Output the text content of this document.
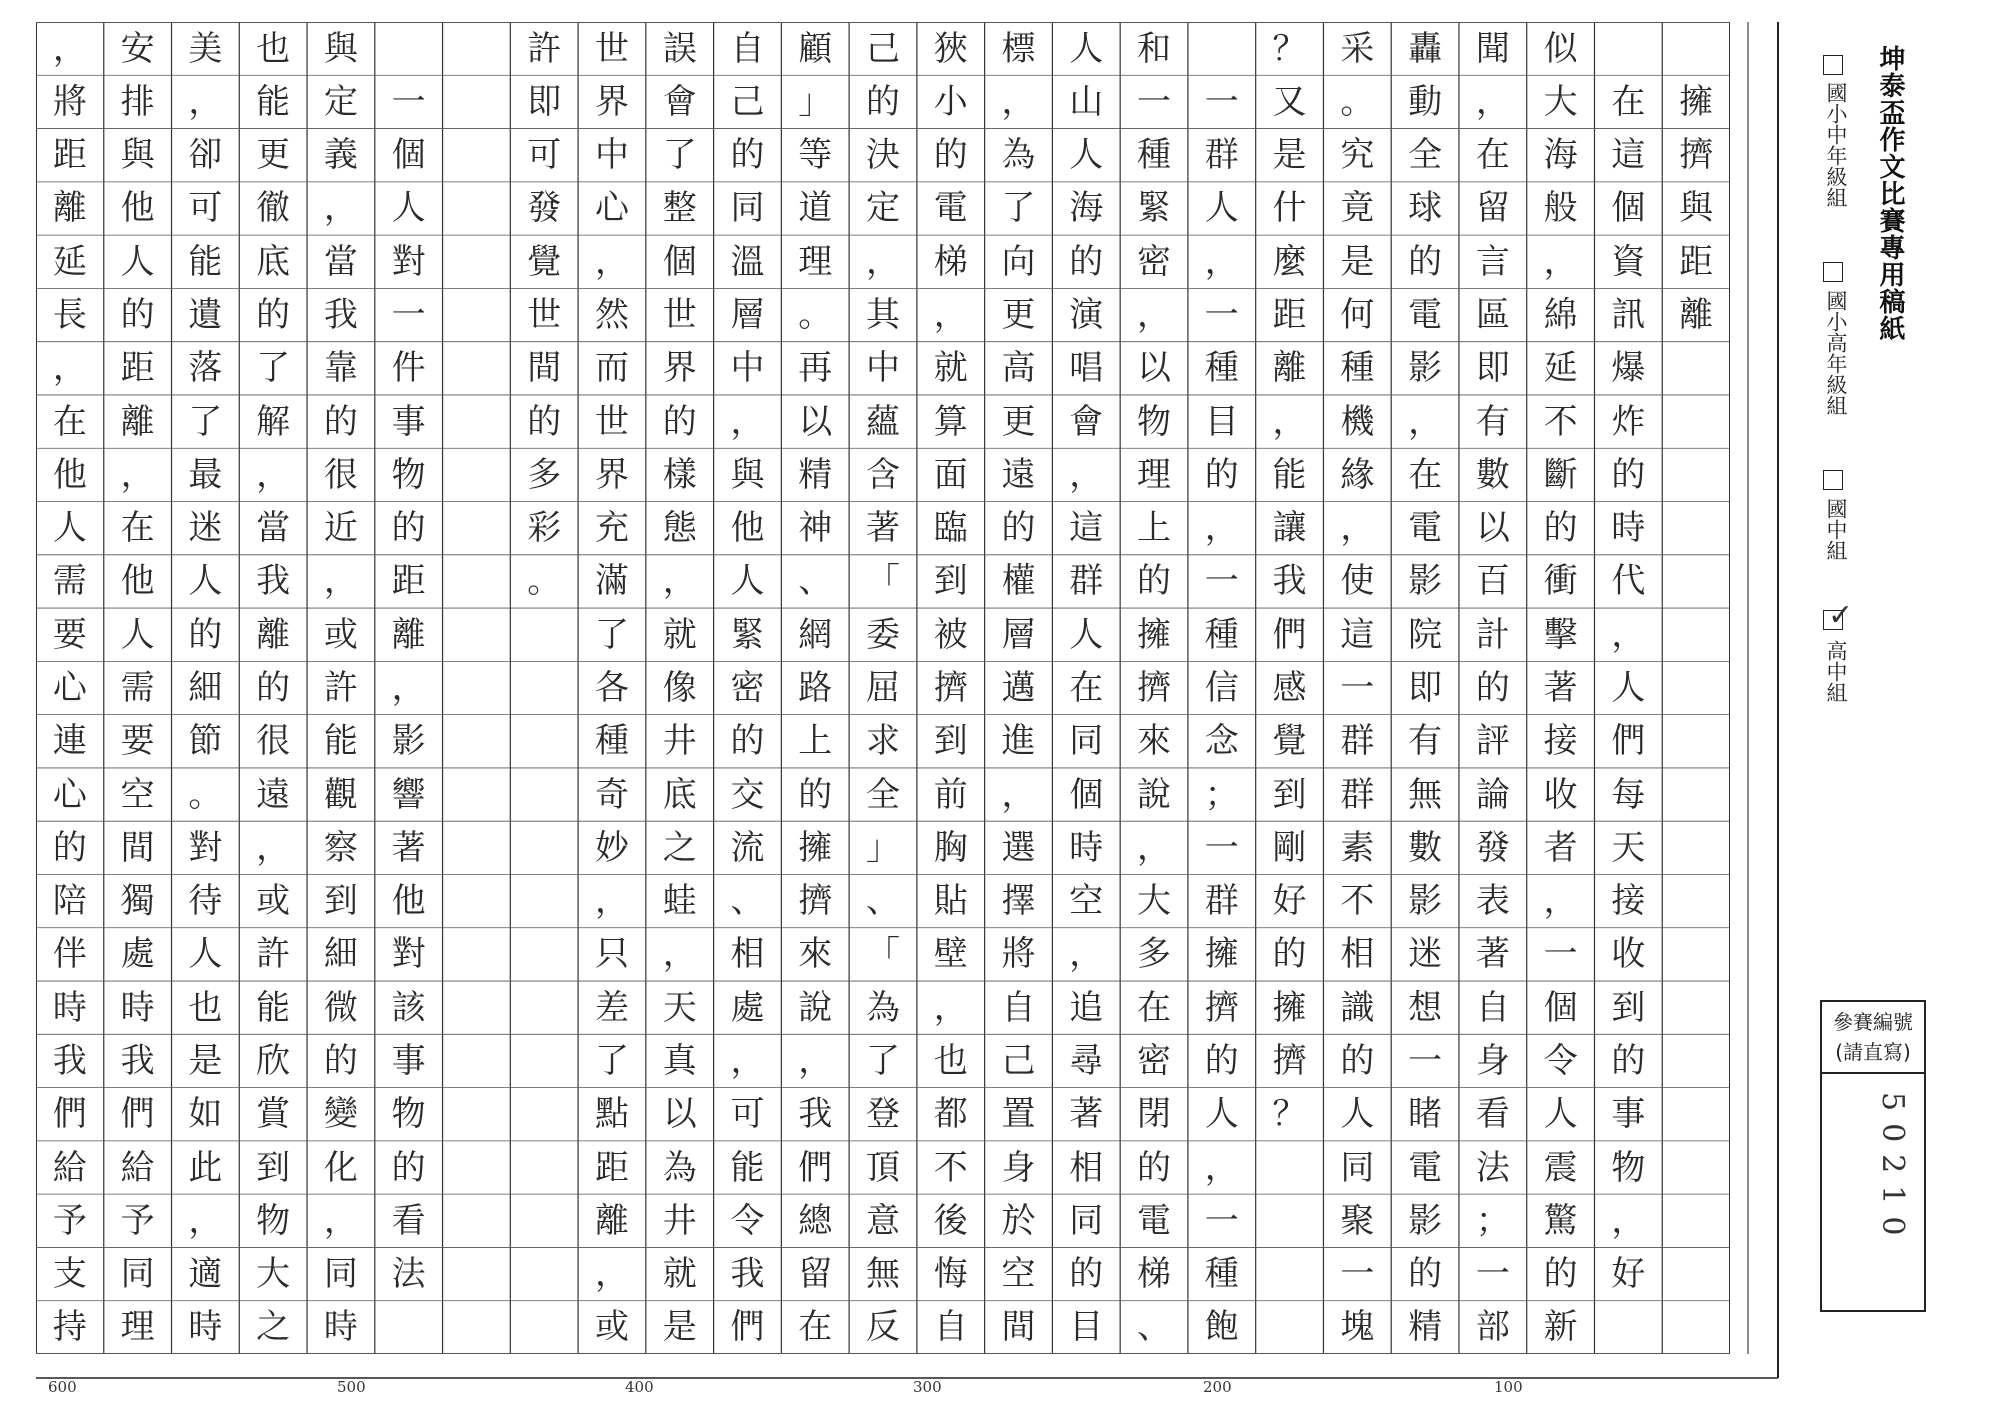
擁
擠
與
距
離

在
這
個
資
訊
爆
炸
的
時
代
，
人
們
每
天
接
收
到
的
事
物
，
好
似
大
海
般
，
綿
延
不
斷
的
衝
擊
著
接
收
者
，
一
個
令
人
震
驚
的
新
聞
，
在
留
言
區
即
有
數
以
百
計
的
評
論
發
表
著
自
身
看
法
；
一
部
轟
動
全
球
的
電
影
，
在
電
影
院
即
有
無
數
影
迷
想
一
睹
電
影
的
精
采
。
究
竟
是
何
種
機
緣
，
使
這
一
群
群
素
不
相
識
的
人
同
聚
一
塊
？
又
是
什
麼
距
離
，
能
讓
我
們
感
覺
到
剛
好
的
擁
擠
？

一
群
人
，
一
種
目
的
，
一
種
信
念
；
一
群
擁
擠
的
人
，
一
種
飽
和
一
種
緊
密
，
以
物
理
上
的
擁
擠
來
說
，
大
多
在
密
閉
的
電
梯
、
人
山
人
海
的
演
唱
會
，
這
群
人
在
同
個
時
空
，
追
尋
著
相
同
的
目
標
，
為
了
向
更
高
更
遠
的
權
層
邁
進
，
選
擇
將
自
己
置
身
於
空
間
狹
小
的
電
梯
，
就
算
面
臨
到
被
擠
到
前
胸
貼
壁
，
也
都
不
後
悔
自
己
的
決
定
，
其
中
蘊
含
著
「
委
屈
求
全
」
、
「
為
了
登
頂
意
無
反
顧
」
等
道
理
。
再
以
精
神
、
網
路
上
的
擁
擠
來
說
，
我
們
總
留
在
自
己
的
同
溫
層
中
，
與
他
人
緊
密
的
交
流
、
相
處
，
可
能
令
我
們
誤
會
了
整
個
世
界
的
樣
態
，
就
像
井
底
之
蛙
，
天
真
以
為
井
就
是
世
界
中
心
，
然
而
世
界
充
滿
了
各
種
奇
妙
，
只
差
了
點
距
離
，
或
許
即
可
發
覺
世
間
的
多
彩
。

一
個
人
對
一
件
事
物
的
距
離
，
影
響
著
他
對
該
事
物
的
看
法
與
定
義
，
當
我
靠
的
很
近
，
或
許
能
觀
察
到
細
微
的
變
化
，
同
時
也
能
更
徹
底
的
了
解
，
當
我
離
的
很
遠
，
或
許
能
欣
賞
到
物
大
之
美
，
卻
可
能
遺
落
了
最
迷
人
的
細
節
。
對
待
人
也
是
如
此
，
適
時
安
排
與
他
人
的
距
離
，
在
他
人
需
要
空
間
獨
處
時
我
們
給
予
同
理
，
將
距
離
延
長
，
在
他
人
需
要
心
連
心
的
陪
伴
時
我
們
給
予
支
持
600	500	400	300	200	100
坤泰盃作文比賽專用稿紙
國小中年級組
國小高年級組
國中組
✓
高中組
參賽編號
(請直寫)
50210
